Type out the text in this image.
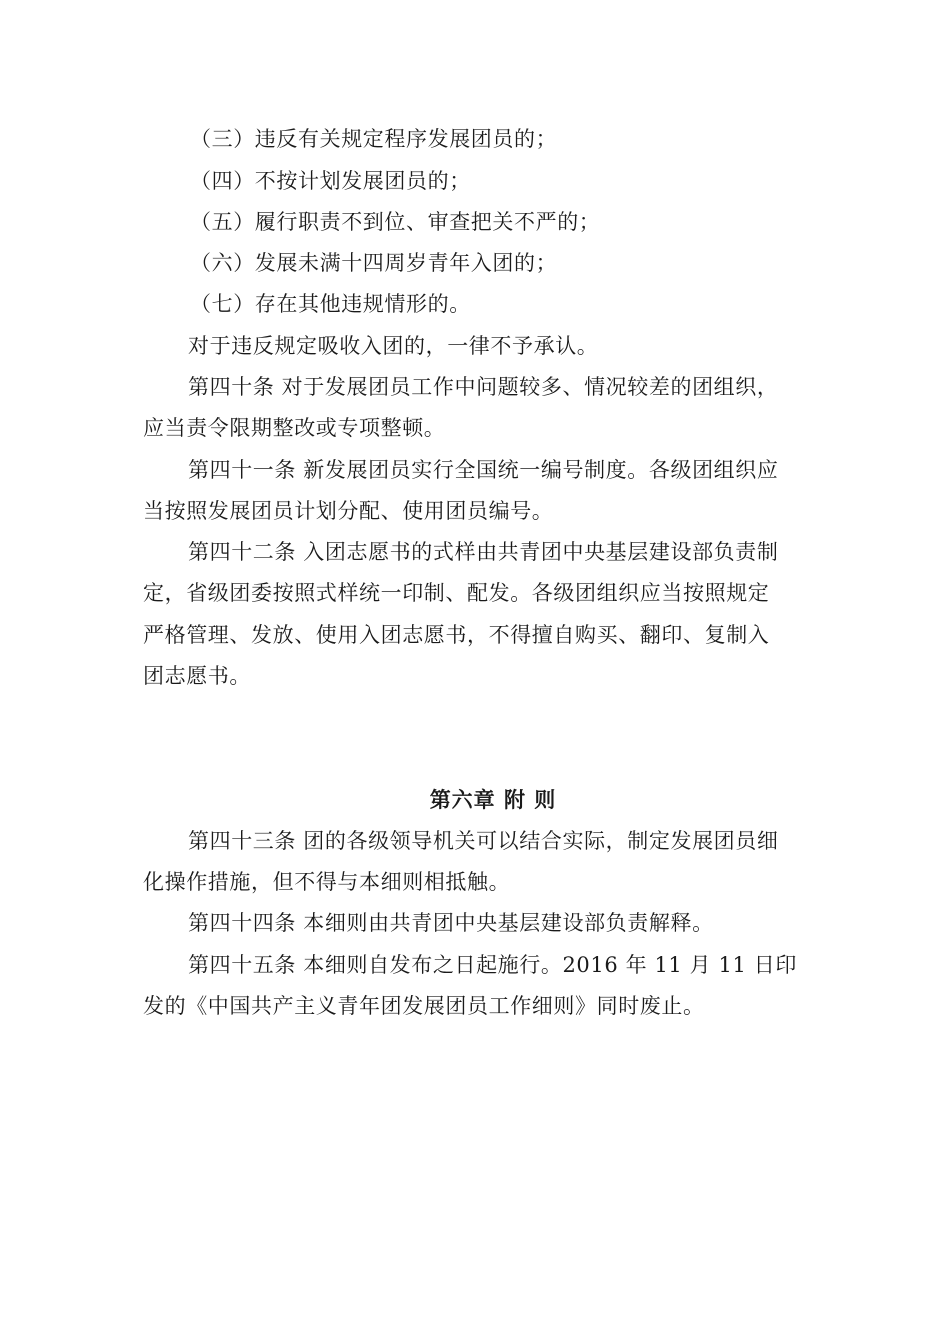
（三）违反有关规定程序发展团员的；
（四）不按计划发展团员的；
（五）履行职责不到位、审查把关不严的；
（六）发展未满十四周岁青年入团的；
（七）存在其他违规情形的。
对于违反规定吸收入团的，一律不予承认。
第四十条 对于发展团员工作中问题较多、情况较差的团组织，
应当责令限期整改或专项整顿。
第四十一条 新发展团员实行全国统一编号制度。各级团组织应
当按照发展团员计划分配、使用团员编号。
第四十二条 入团志愿书的式样由共青团中央基层建设部负责制
定，省级团委按照式样统一印制、配发。各级团组织应当按照规定
严格管理、发放、使用入团志愿书，不得擅自购买、翻印、复制入
团志愿书。
第六章 附 则
第四十三条 团的各级领导机关可以结合实际，制定发展团员细
化操作措施，但不得与本细则相抵触。
第四十四条 本细则由共青团中央基层建设部负责解释。
第四十五条 本细则自发布之日起施行。2016 年 11 月 11 日印
发的《中国共产主义青年团发展团员工作细则》同时废止。
